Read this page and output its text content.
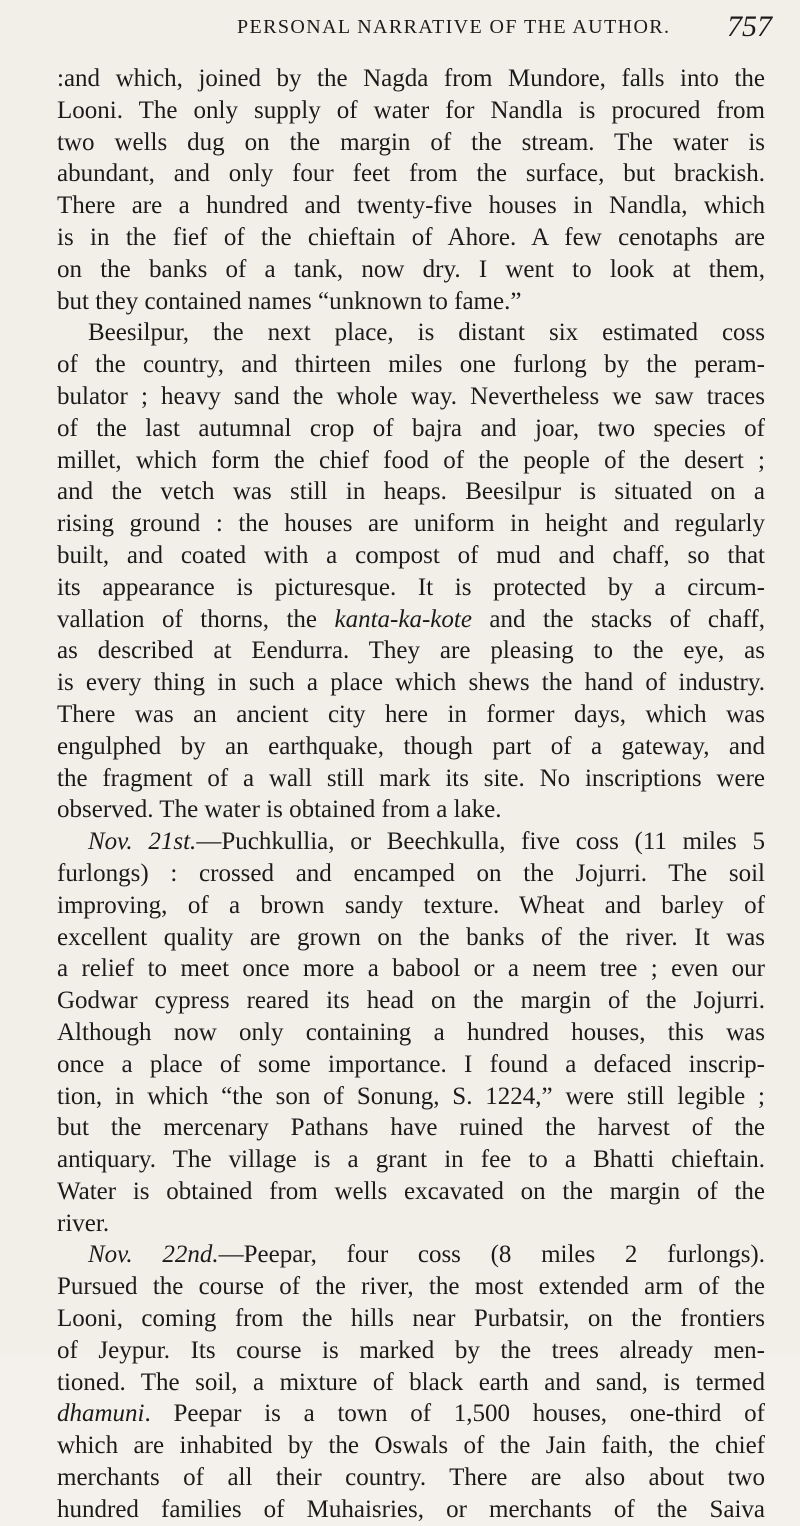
PERSONAL NARRATIVE OF THE AUTHOR. 757
:and which, joined by the Nagda from Mundore, falls into the
Looni. The only supply of water for Nandla is procured from
two wells dug on the margin of the stream. The water is
abundant, and only four feet from the surface, but brackish.
There are a hundred and twenty-five houses in Nandla, which
is in the fief of the chieftain of Ahore. A few cenotaphs are
on the banks of a tank, now dry. I went to look at them,
but they contained names “unknown to fame.”
Beesilpur, the next place, is distant six estimated coss
of the country, and thirteen miles one furlong by the peram-
bulator ; heavy sand the whole way. Nevertheless we saw traces
of the last autumnal crop of bajra and joar, two species of
millet, which form the chief food of the people of the desert ;
and the vetch was still in heaps. Beesilpur is situated on a
rising ground : the houses are uniform in height and regularly
built, and coated with a compost of mud and chaff, so that
its appearance is picturesque. It is protected by a circum-
vallation of thorns, the kanta-ka-kote and the stacks of chaff,
as described at Eendurra. They are pleasing to the eye, as
is every thing in such a place which shews the hand of industry.
There was an ancient city here in former days, which was
engulphed by an earthquake, though part of a gateway, and
the fragment of a wall still mark its site. No inscriptions were
observed. The water is obtained from a lake.
Nov. 21st.—Puchkullia, or Beechkulla, five coss (11 miles 5
furlongs) : crossed and encamped on the Jojurri. The soil
improving, of a brown sandy texture. Wheat and barley of
excellent quality are grown on the banks of the river. It was
a relief to meet once more a babool or a neem tree ; even our
Godwar cypress reared its head on the margin of the Jojurri.
Although now only containing a hundred houses, this was
once a place of some importance. I found a defaced inscrip-
tion, in which “the son of Sonung, S. 1224,” were still legible ;
but the mercenary Pathans have ruined the harvest of the
antiquary. The village is a grant in fee to a Bhatti chieftain.
Water is obtained from wells excavated on the margin of the
river.
Nov. 22nd.—Peepar, four coss (8 miles 2 furlongs).
Pursued the course of the river, the most extended arm of the
Looni, coming from the hills near Purbatsir, on the frontiers
of Jeypur. Its course is marked by the trees already men-
tioned. The soil, a mixture of black earth and sand, is termed
dhamuni. Peepar is a town of 1,500 houses, one-third of
which are inhabited by the Oswals of the Jain faith, the chief
merchants of all their country. There are also about two
hundred families of Muhaisries, or merchants of the Saiva
